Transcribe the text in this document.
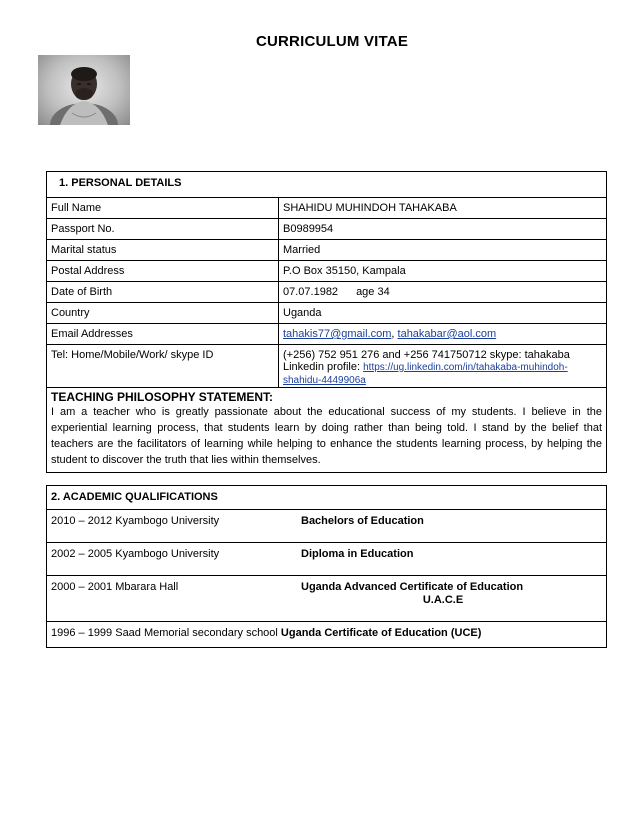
CURRICULUM VITAE
1. PERSONAL DETAILS	
Full Name	SHAHIDU MUHINDOH TAHAKABA
Passport No.	B0989954
Marital status	Married
Postal Address	P.O Box 35150, Kampala
Date of Birth	07.07.1982 age 34
Country	Uganda
Email Addresses	tahakis77@gmail.com, tahakabar@aol.com
Tel: Home/Mobile/Work/ skype ID	(+256) 752 951 276 and +256 741750712 skype: tahakaba
Linkedin profile: https://ug.linkedin.com/in/tahakaba-muhindoh-shahidu-4449906a

TEACHING PHILOSOPHY STATEMENT:
I am a teacher who is greatly passionate about the educational success of my students. I believe in the experiential learning process, that students learn by doing rather than being told. I stand by the belief that teachers are the facilitators of learning while helping to enhance the students learning process, by helping the student to discover the truth that lies within themselves.	
2. ACADEMIC QUALIFICATIONS
2010 – 2012 Kyambogo University	Bachelors of Education
2002 – 2005 Kyambogo University	Diploma in Education
2000 – 2001 Mbarara Hall	Uganda Advanced Certificate of Education
U.A.C.E

1996 – 1999 Saad Memorial secondary school Uganda Certificate of Education (UCE)
